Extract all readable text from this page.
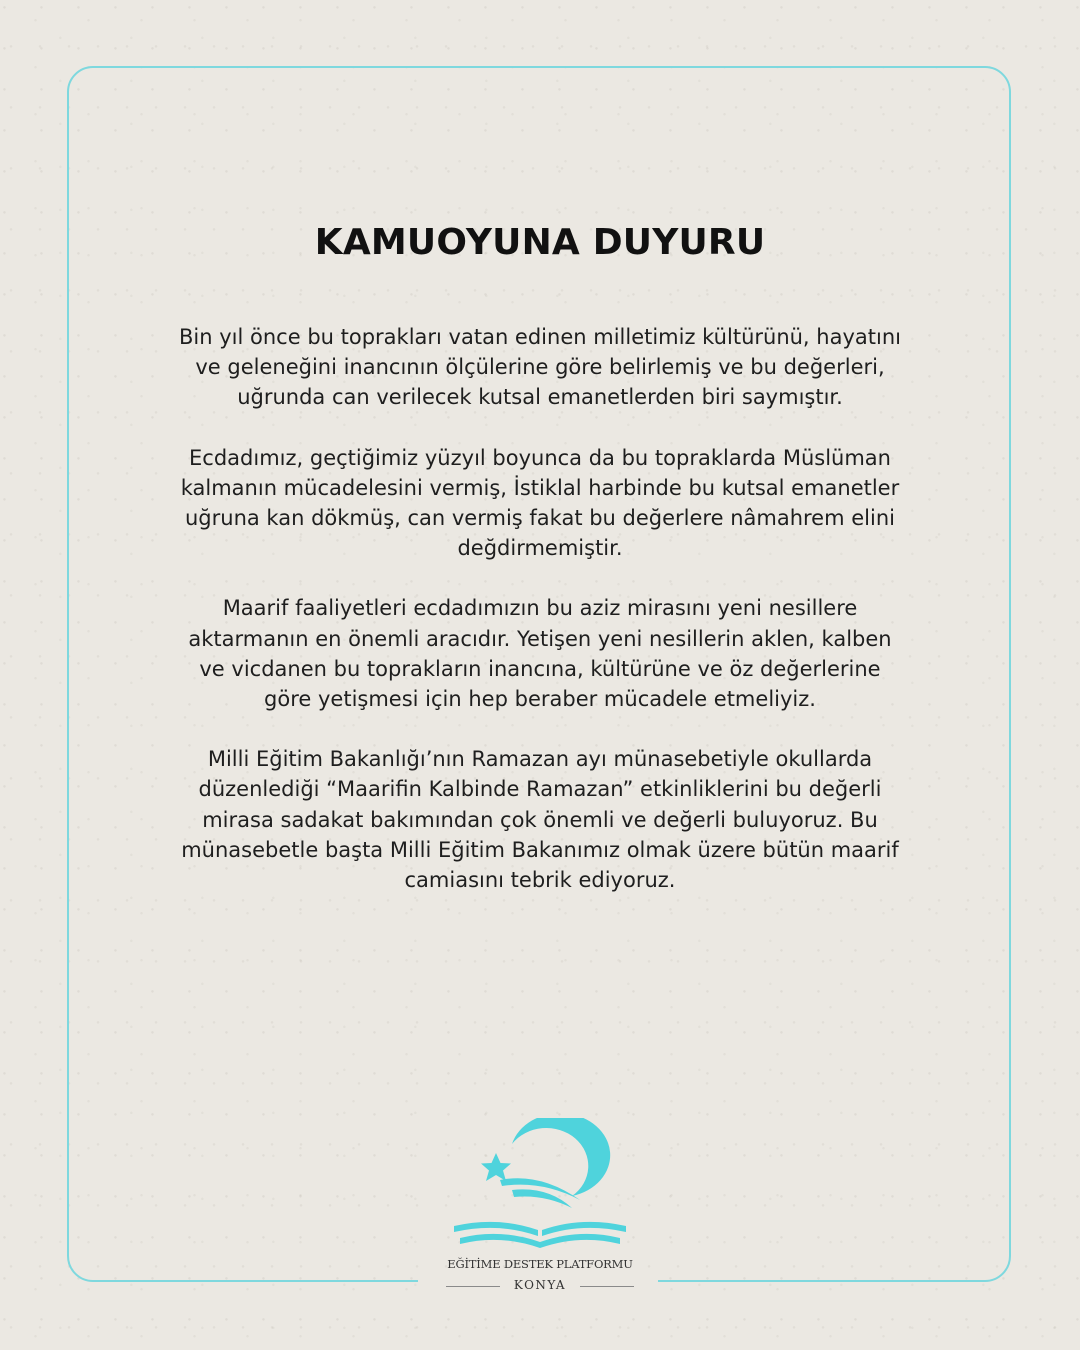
KAMUOYUNA DUYURU

Bin yıl önce bu toprakları vatan edinen milletimiz kültürünü, hayatını ve geleneğini inancının ölçülerine göre belirlemiş ve bu değerleri, uğrunda can verilecek kutsal emanetlerden biri saymıştır.

Ecdadımız, geçtiğimiz yüzyıl boyunca da bu topraklarda Müslüman kalmanın mücadelesini vermiş, İstiklal harbinde bu kutsal emanetler uğruna kan dökmüş, can vermiş fakat bu değerlere nâmahrem elini değdirmemiştir.

Maarif faaliyetleri ecdadımızın bu aziz mirasını yeni nesillere aktarmanın en önemli aracıdır. Yetişen yeni nesillerin aklen, kalben ve vicdanen bu toprakların inancına, kültürüne ve öz değerlerine göre yetişmesi için hep beraber mücadele etmeliyiz.

Milli Eğitim Bakanlığı’nın Ramazan ayı münasebetiyle okullarda düzenlediği “Maarifin Kalbinde Ramazan” etkinliklerini bu değerli mirasa sadakat bakımından çok önemli ve değerli buluyoruz. Bu münasebetle başta Milli Eğitim Bakanımız olmak üzere bütün maarif camiasını tebrik ediyoruz.

EĞİTİME DESTEK PLATFORMU
KONYA
